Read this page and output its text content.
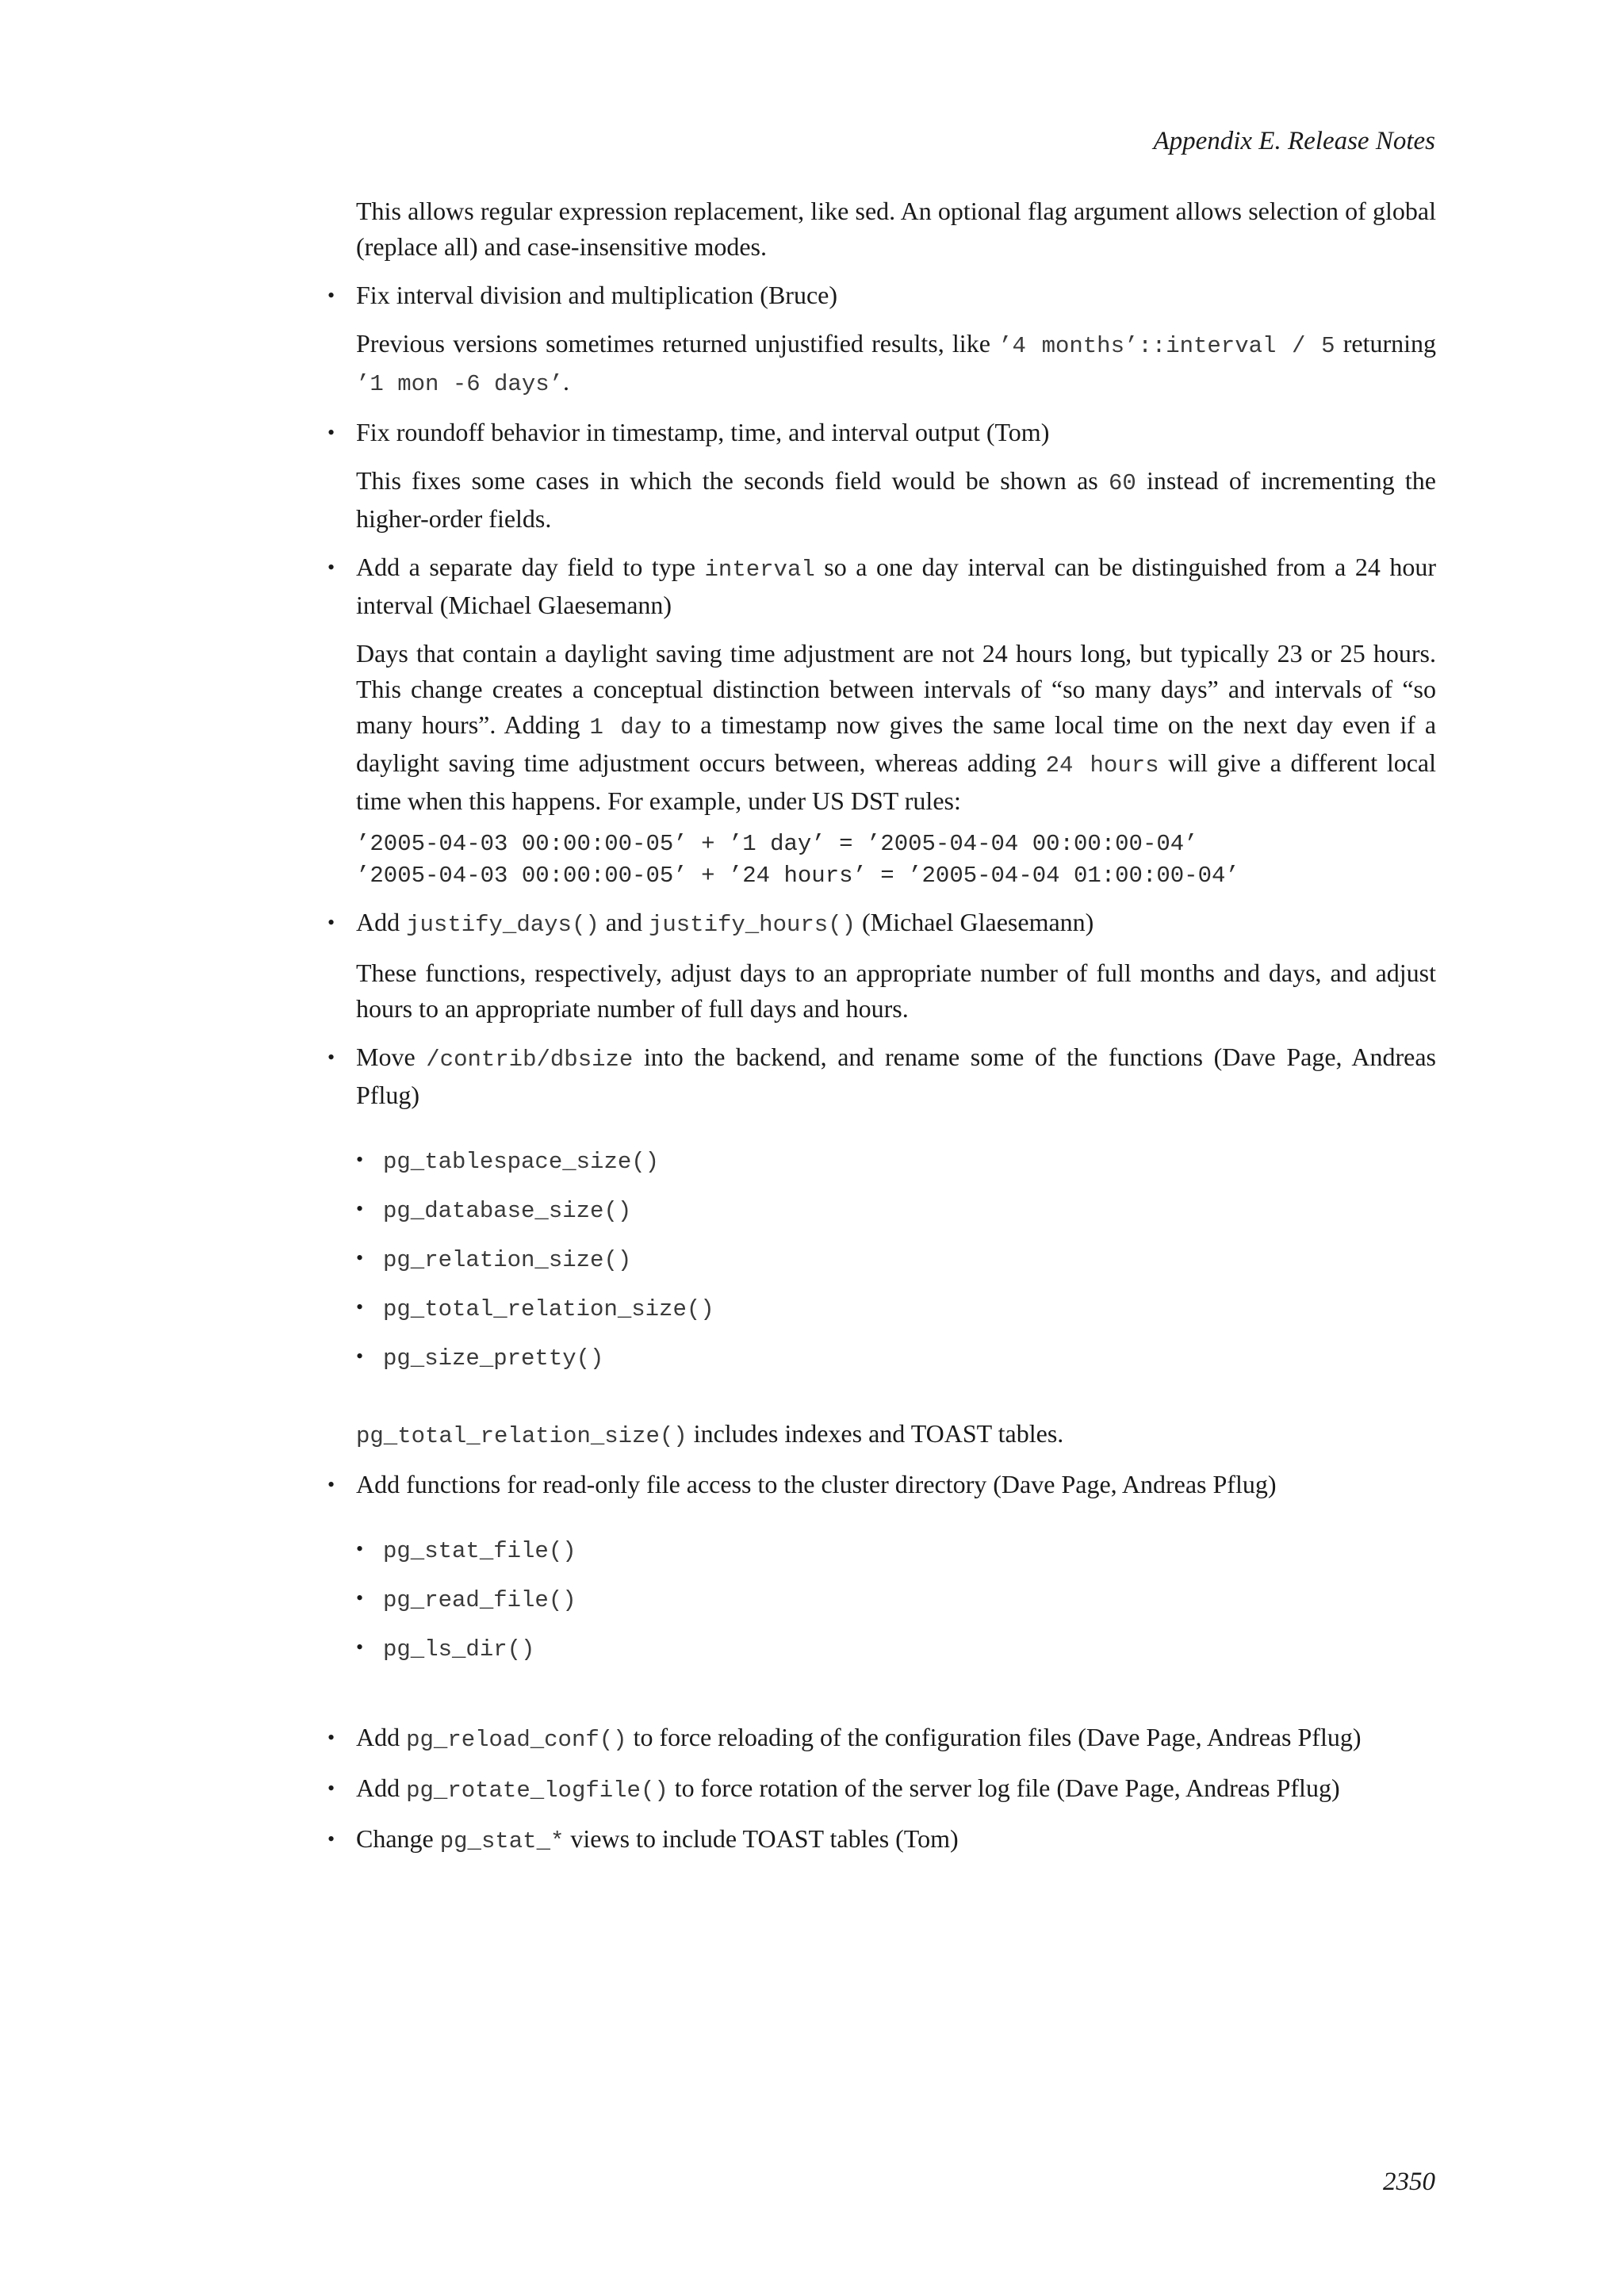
Appendix E. Release Notes

This allows regular expression replacement, like sed. An optional flag argument allows selection of global (replace all) and case-insensitive modes.

• Fix interval division and multiplication (Bruce)

Previous versions sometimes returned unjustified results, like ’4 months’::interval / 5 returning ’1 mon -6 days’.

• Fix roundoff behavior in timestamp, time, and interval output (Tom)

This fixes some cases in which the seconds field would be shown as 60 instead of incrementing the higher-order fields.

• Add a separate day field to type interval so a one day interval can be distinguished from a 24 hour interval (Michael Glaesemann)

Days that contain a daylight saving time adjustment are not 24 hours long, but typically 23 or 25 hours. This change creates a conceptual distinction between intervals of “so many days” and intervals of “so many hours”. Adding 1 day to a timestamp now gives the same local time on the next day even if a daylight saving time adjustment occurs between, whereas adding 24 hours will give a different local time when this happens. For example, under US DST rules:

’2005-04-03 00:00:00-05’ + ’1 day’ = ’2005-04-04 00:00:00-04’
’2005-04-03 00:00:00-05’ + ’24 hours’ = ’2005-04-04 01:00:00-04’

• Add justify_days() and justify_hours() (Michael Glaesemann)

These functions, respectively, adjust days to an appropriate number of full months and days, and adjust hours to an appropriate number of full days and hours.

• Move /contrib/dbsize into the backend, and rename some of the functions (Dave Page, Andreas Pflug)

• pg_tablespace_size()
• pg_database_size()
• pg_relation_size()
• pg_total_relation_size()
• pg_size_pretty()

pg_total_relation_size() includes indexes and TOAST tables.

• Add functions for read-only file access to the cluster directory (Dave Page, Andreas Pflug)

• pg_stat_file()
• pg_read_file()
• pg_ls_dir()

• Add pg_reload_conf() to force reloading of the configuration files (Dave Page, Andreas Pflug)

• Add pg_rotate_logfile() to force rotation of the server log file (Dave Page, Andreas Pflug)

• Change pg_stat_* views to include TOAST tables (Tom)

2350
